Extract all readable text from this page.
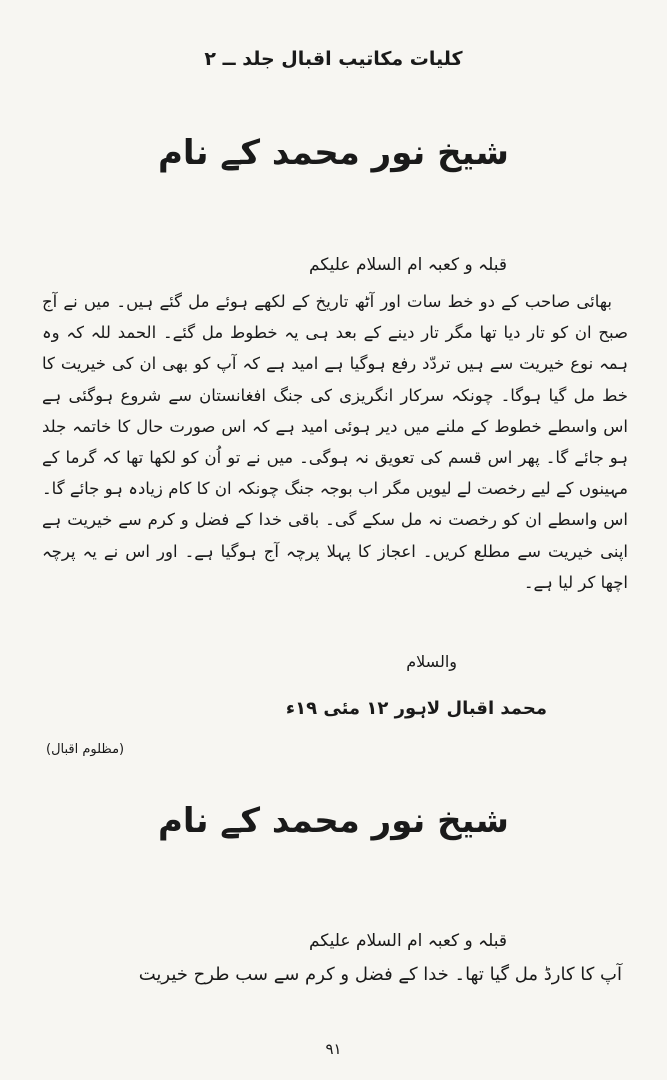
کلیات مکاتیب اقبال جلد ــ ۲
شیخ نور محمد کے نام
قبلہ و کعبہ ام السلام علیکم
بھائی صاحب کے دو خط سات اور آٹھ تاریخ کے لکھے ہوئے مل گئے ہیں۔ میں نے آج صبح ان کو تار دیا تھا مگر تار دینے کے بعد ہی یہ خطوط مل گئے۔ الحمد للہ کہ وہ ہمہ نوع خیریت سے ہیں تردّد رفع ہوگیا ہے امید ہے کہ آپ کو بھی ان کی خیریت کا خط مل گیا ہوگا۔ چونکہ سرکار انگریزی کی جنگ افغانستان سے شروع ہوگئی ہے اس واسطے خطوط کے ملنے میں دیر ہوئی امید ہے کہ اس صورت حال کا خاتمہ جلد ہو جائے گا۔ پھر اس قسم کی تعویق نہ ہوگی۔ میں نے تو اُن کو لکھا تھا کہ گرما کے مہینوں کے لیے رخصت لے لیویں مگر اب بوجہ جنگ چونکہ ان کا کام زیادہ ہو جائے گا۔ اس واسطے ان کو رخصت نہ مل سکے گی۔ باقی خدا کے فضل و کرم سے خیریت ہے اپنی خیریت سے مطلع کریں۔ اعجاز کا پہلا پرچہ آج ہوگیا ہے۔ اور اس نے یہ پرچہ اچھا کر لیا ہے۔
والسلام
محمد اقبال لاہور ۱۲ مئی ۱۹ء
(مظلوم اقبال)
شیخ نور محمد کے نام
قبلہ و کعبہ ام السلام علیکم
آپ کا کارڈ مل گیا تھا۔ خدا کے فضل و کرم سے سب طرح خیریت
۹۱
